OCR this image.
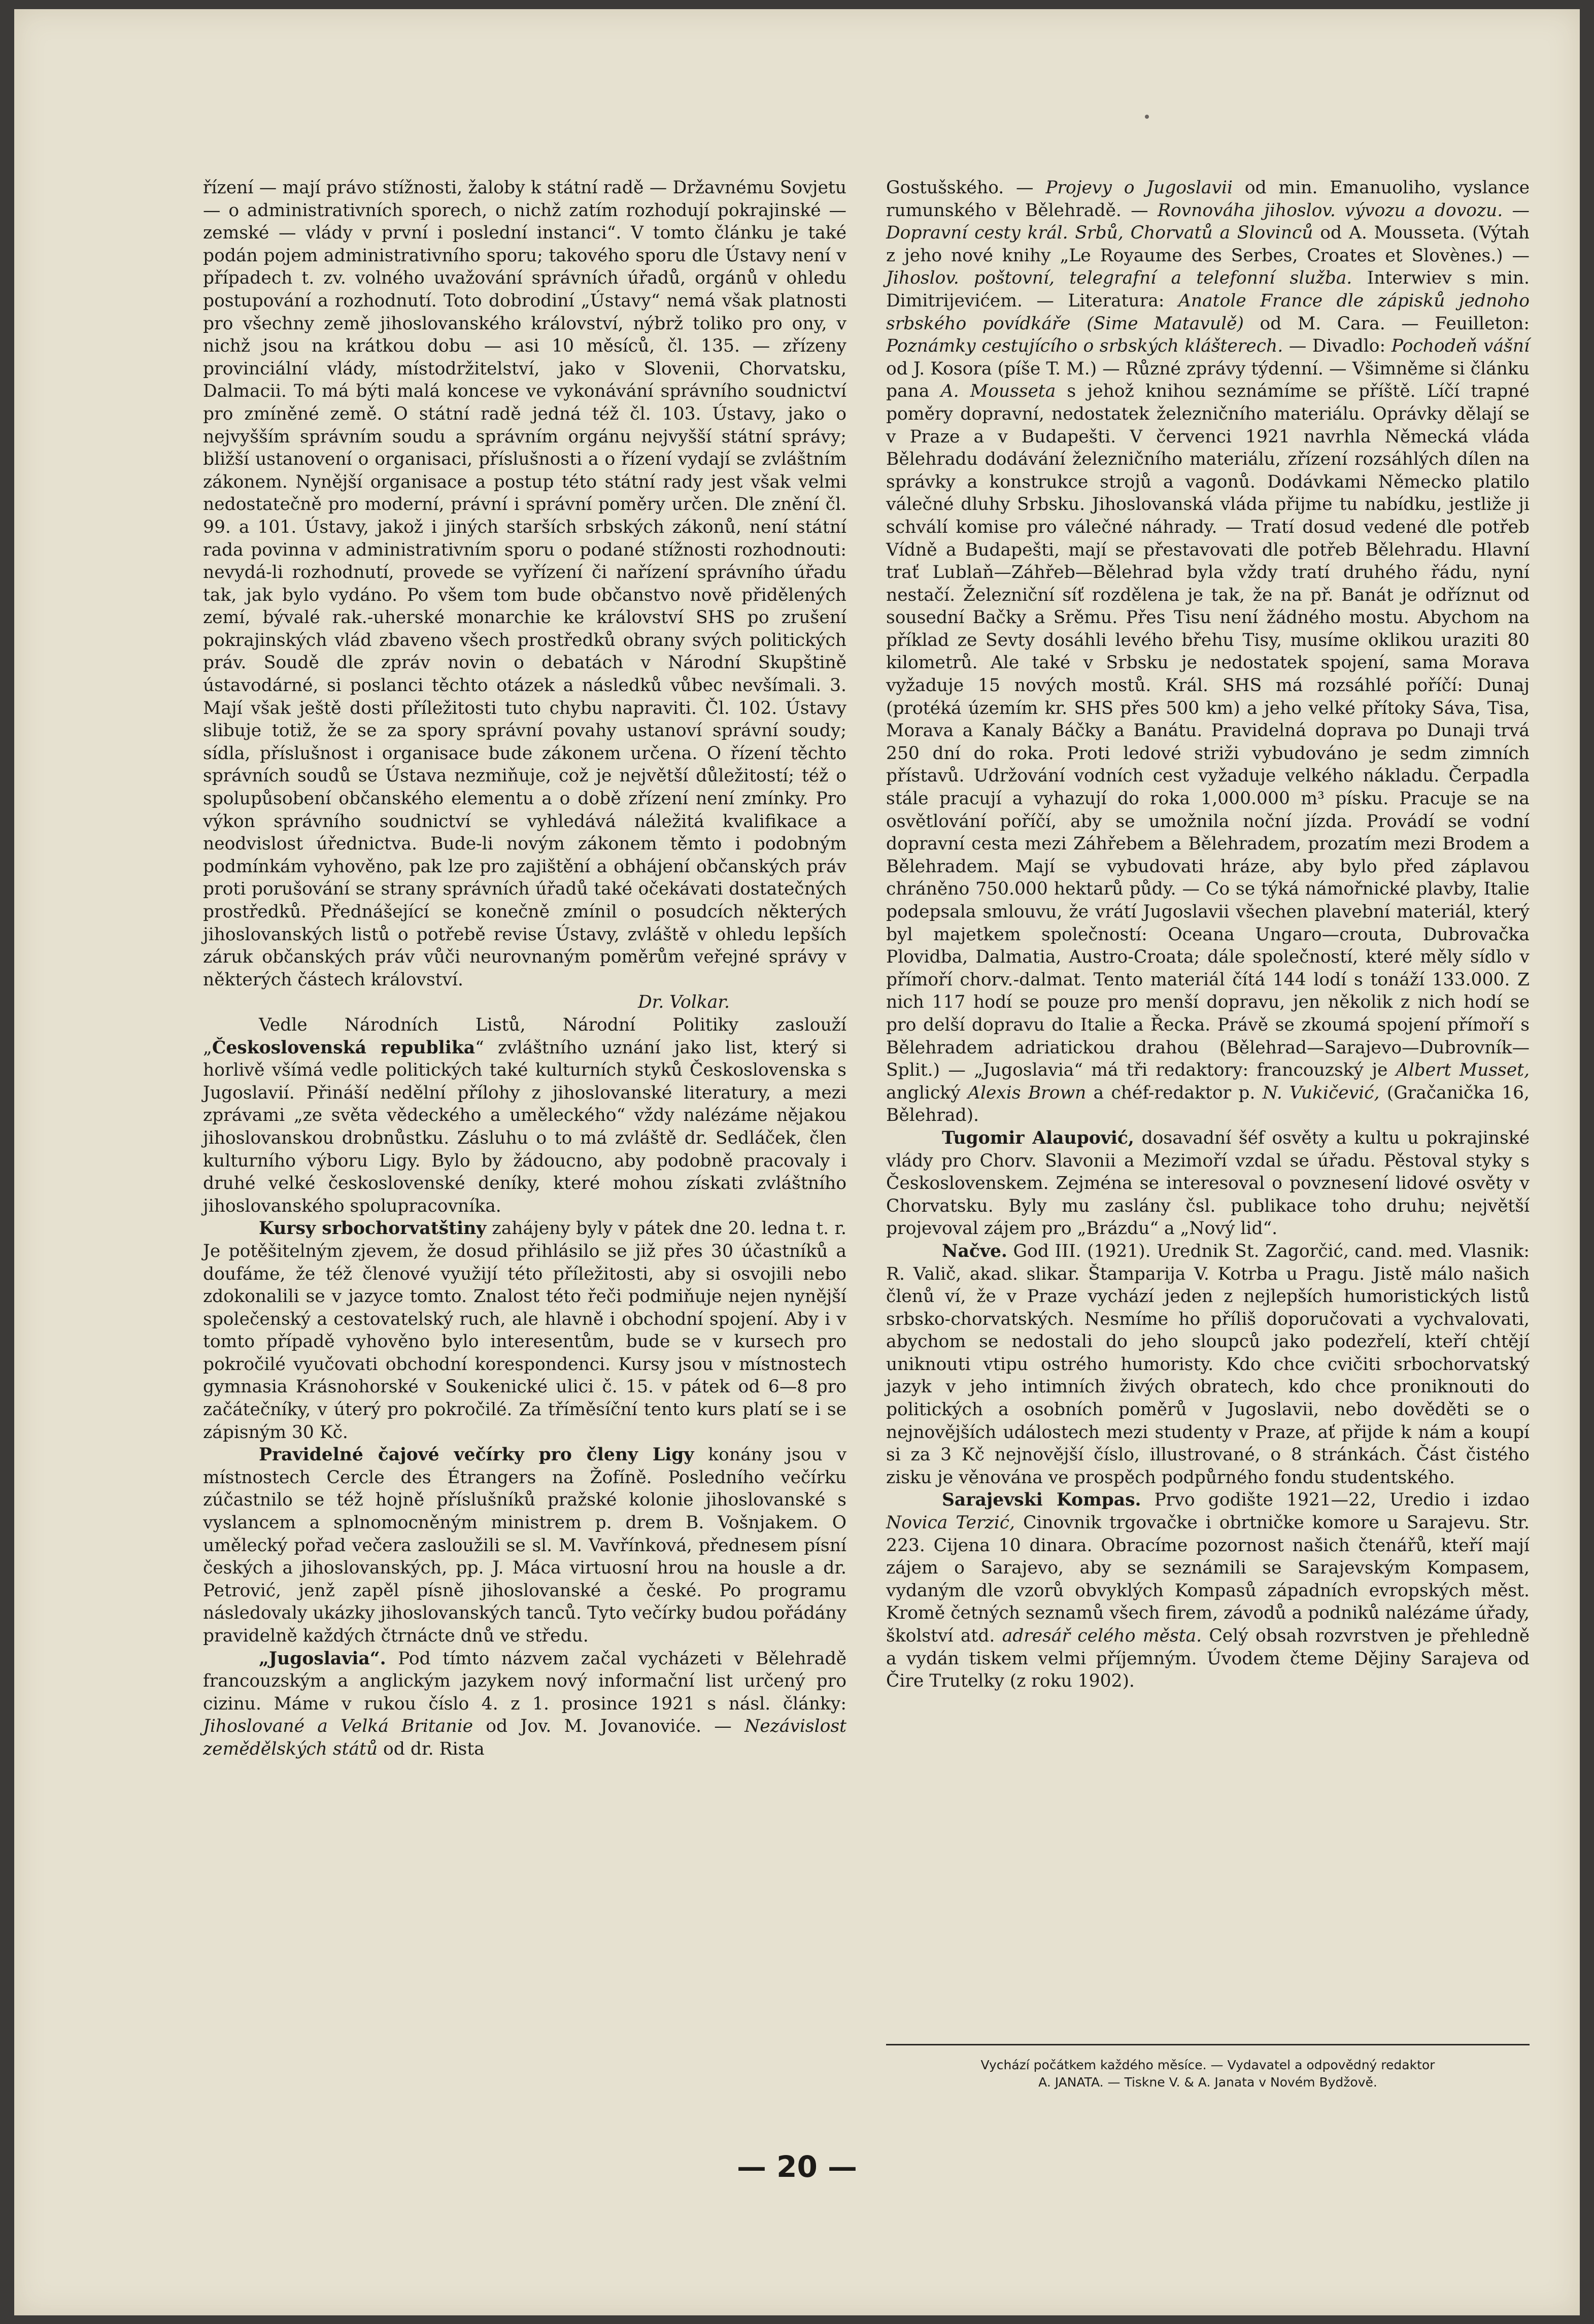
řízení — mají právo stížnosti, žaloby k státní radě — Državnému Sovjetu — o administrativních sporech, o nichž zatím rozhodují pokrajinské — zemské — vlády v první i poslední instanci“. V tomto článku je také podán pojem administrativního sporu; takového sporu dle Ústavy není v případech t. zv. volného uvažování správních úřadů, orgánů v ohledu postupování a rozhodnutí. Toto dobrodiní „Ústavy“ nemá však platnosti pro všechny země jihoslovanského království, nýbrž toliko pro ony, v nichž jsou na krátkou dobu — asi 10 měsíců, čl. 135. — zřízeny provinciální vlády, místodržitelství, jako v Slovenii, Chorvatsku, Dalmacii. To má býti malá koncese ve vykonávání správního soudnictví pro zmíněné země. O státní radě jedná též čl. 103. Ústavy, jako o nejvyšším správním soudu a správním orgánu nejvyšší státní správy; bližší ustanovení o organisaci, příslušnosti a o řízení vydají se zvláštním zákonem. Nynější organisace a postup této státní rady jest však velmi nedostatečně pro moderní, právní i správní poměry určen. Dle znění čl. 99. a 101. Ústavy, jakož i jiných starších srbských zákonů, není státní rada povinna v administrativním sporu o podané stížnosti rozhodnouti: nevydá-li rozhodnutí, provede se vyřízení či nařízení správního úřadu tak, jak bylo vydáno. Po všem tom bude občanstvo nově přidělených zemí, bývalé rak.-uherské monarchie ke království SHS po zrušení pokrajinských vlád zbaveno všech prostředků obrany svých politických práv. Soudě dle zpráv novin o debatách v Národní Skupštině ústavodárné, si poslanci těchto otázek a následků vůbec nevšímali. 3. Mají však ještě dosti příležitosti tuto chybu napraviti. Čl. 102. Ústavy slibuje totiž, že se za spory správní povahy ustanoví správní soudy; sídla, příslušnost i organisace bude zákonem určena. O řízení těchto správních soudů se Ústava nezmiňuje, což je největší důležitostí; též o spolupůsobení občanského elementu a o době zřízení není zmínky. Pro výkon správního soudnictví se vyhledává náležitá kvalifikace a neodvislost úřednictva. Bude-li novým zákonem těmto i podobným podmínkám vyhověno, pak lze pro zajištění a obhájení občanských práv proti porušování se strany správních úřadů také očekávati dostatečných prostředků. Přednášející se konečně zmínil o posudcích některých jihoslovanských listů o potřebě revise Ústavy, zvláště v ohledu lepších záruk občanských práv vůči neurovnaným poměrům veřejné správy v některých částech království.

Dr. Volkar.

Vedle Národních Listů, Národní Politiky zaslouží „Československá republika“ zvláštního uznání jako list, který si horlivě všímá vedle politických také kulturních styků Československa s Jugoslavií. Přináší nedělní přílohy z jihoslovanské literatury, a mezi zprávami „ze světa vědeckého a uměleckého“ vždy nalézáme nějakou jihoslovanskou drobnůstku. Zásluhu o to má zvláště dr. Sedláček, člen kulturního výboru Ligy. Bylo by žádoucno, aby podobně pracovaly i druhé velké československé deníky, které mohou získati zvláštního jihoslovanského spolupracovníka.

Kursy srbochorvatštiny zahájeny byly v pátek dne 20. ledna t. r. Je potěšitelným zjevem, že dosud přihlásilo se již přes 30 účastníků a doufáme, že též členové využijí této příležitosti, aby si osvojili nebo zdokonalili se v jazyce tomto. Znalost této řeči podmiňuje nejen nynější společenský a cestovatelský ruch, ale hlavně i obchodní spojení. Aby i v tomto případě vyhověno bylo interesentům, bude se v kursech pro pokročilé vyučovati obchodní korespondenci. Kursy jsou v místnostech gymnasia Krásnohorské v Soukenické ulici č. 15. v pátek od 6—8 pro začátečníky, v úterý pro pokročilé. Za tříměsíční tento kurs platí se i se zápisným 30 Kč.

Pravidelné čajové večírky pro členy Ligy konány jsou v místnostech Cercle des Étrangers na Žofíně. Posledního večírku zúčastnilo se též hojně příslušníků pražské kolonie jihoslovanské s vyslancem a splnomocněným ministrem p. drem B. Vošnjakem. O umělecký pořad večera zasloužili se sl. M. Vavřínková, přednesem písní českých a jihoslovanských, pp. J. Máca virtuosní hrou na housle a dr. Petrović, jenž zapěl písně jihoslovanské a české. Po programu následovaly ukázky jihoslovanských tanců. Tyto večírky budou pořádány pravidelně každých čtrnácte dnů ve středu.

„Jugoslavia“. Pod tímto názvem začal vycházeti v Bělehradě francouzským a anglickým jazykem nový informační list určený pro cizinu. Máme v rukou číslo 4. z 1. prosince 1921 s násl. články: Jihoslované a Velká Britanie od Jov. M. Jovanoviće. — Nezávislost zemědělských států od dr. Rista

Gostušského. — Projevy o Jugoslavii od min. Emanuoliho, vyslance rumunského v Bělehradě. — Rovnováha jihoslov. vývozu a dovozu. — Dopravní cesty král. Srbů, Chorvatů a Slovinců od A. Mousseta. (Výtah z jeho nové knihy „Le Royaume des Serbes, Croates et Slovènes.) — Jihoslov. poštovní, telegrafní a telefonní služba. Interwiev s min. Dimitrijevićem. — Literatura: Anatole France dle zápisků jednoho srbského povídkáře (Sime Matavulě) od M. Cara. — Feuilleton: Poznámky cestujícího o srbských klášterech. — Divadlo: Pochodeň vášní od J. Kosora (píše T. M.) — Různé zprávy týdenní. — Všimněme si článku pana A. Mousseta s jehož knihou seznámíme se příště. Líčí trapné poměry dopravní, nedostatek železničního materiálu. Oprávky dělají se v Praze a v Budapešti. V červenci 1921 navrhla Německá vláda Bělehradu dodávání železničního materiálu, zřízení rozsáhlých dílen na správky a konstrukce strojů a vagonů. Dodávkami Německo platilo válečné dluhy Srbsku. Jihoslovanská vláda přijme tu nabídku, jestliže ji schválí komise pro válečné náhrady. — Tratí dosud vedené dle potřeb Vídně a Budapešti, mají se přestavovati dle potřeb Bělehradu. Hlavní trať Lublaň—Záhřeb—Bělehrad byla vždy tratí druhého řádu, nyní nestačí. Železniční síť rozdělena je tak, že na př. Banát je odříznut od sousední Bačky a Srěmu. Přes Tisu není žádného mostu. Abychom na příklad ze Sevty dosáhli levého břehu Tisy, musíme oklikou uraziti 80 kilometrů. Ale také v Srbsku je nedostatek spojení, sama Morava vyžaduje 15 nových mostů. Král. SHS má rozsáhlé poříčí: Dunaj (protéká územím kr. SHS přes 500 km) a jeho velké přítoky Sáva, Tisa, Morava a Kanaly Báčky a Banátu. Pravidelná doprava po Dunaji trvá 250 dní do roka. Proti ledové striži vybudováno je sedm zimních přístavů. Udržování vodních cest vyžaduje velkého nákladu. Čerpadla stále pracují a vyhazují do roka 1,000.000 m³ písku. Pracuje se na osvětlování poříčí, aby se umožnila noční jízda. Provádí se vodní dopravní cesta mezi Záhřebem a Bělehradem, prozatím mezi Brodem a Bělehradem. Mají se vybudovati hráze, aby bylo před záplavou chráněno 750.000 hektarů půdy. — Co se týká námořnické plavby, Italie podepsala smlouvu, že vrátí Jugoslavii všechen plavební materiál, který byl majetkem společností: Oceana Ungaro—crouta, Dubrovačka Plovidba, Dalmatia, Austro-Croata; dále společností, které měly sídlo v přímoří chorv.-dalmat. Tento materiál čítá 144 lodí s tonáží 133.000. Z nich 117 hodí se pouze pro menší dopravu, jen několik z nich hodí se pro delší dopravu do Italie a Řecka. Právě se zkoumá spojení přímoří s Bělehradem adriatickou drahou (Bělehrad—Sarajevo—Dubrovník—Split.) — „Jugoslavia“ má tři redaktory: francouzský je Albert Musset, anglický Alexis Brown a chéf-redaktor p. N. Vukičević, (Gračanička 16, Bělehrad).

Tugomir Alaupović, dosavadní šéf osvěty a kultu u pokrajinské vlády pro Chorv. Slavonii a Mezimoří vzdal se úřadu. Pěstoval styky s Československem. Zejména se interesoval o povznesení lidové osvěty v Chorvatsku. Byly mu zaslány čsl. publikace toho druhu; největší projevoval zájem pro „Brázdu“ a „Nový lid“.

Načve. God III. (1921). Urednik St. Zagorčić, cand. med. Vlasnik: R. Valič, akad. slikar. Štamparija V. Kotrba u Pragu. Jistě málo našich členů ví, že v Praze vychází jeden z nejlepších humoristických listů srbsko-chorvatských. Nesmíme ho příliš doporučovati a vychvalovati, abychom se nedostali do jeho sloupců jako podezřelí, kteří chtějí uniknouti vtipu ostrého humoristy. Kdo chce cvičiti srbochorvatský jazyk v jeho intimních živých obratech, kdo chce proniknouti do politických a osobních poměrů v Jugoslavii, nebo dověděti se o nejnovějších událostech mezi studenty v Praze, ať přijde k nám a koupí si za 3 Kč nejnovější číslo, illustrované, o 8 stránkách. Část čistého zisku je věnována ve prospěch podpůrného fondu studentského.

Sarajevski Kompas. Prvo godište 1921—22, Uredio i izdao Novica Terzić, Cinovnik trgovačke i obrtničke komore u Sarajevu. Str. 223. Cijena 10 dinara. Obracíme pozornost našich čtenářů, kteří mají zájem o Sarajevo, aby se seznámili se Sarajevským Kompasem, vydaným dle vzorů obvyklých Kompasů západních evropských měst. Kromě četných seznamů všech firem, závodů a podniků nalézáme úřady, školství atd. adresář celého města. Celý obsah rozvrstven je přehledně a vydán tiskem velmi příjemným. Úvodem čteme Dějiny Sarajeva od Čire Trutelky (z roku 1902).

Vychází počátkem každého měsíce. — Vydavatel a odpovědný redaktor
A. JANATA. — Tiskne V. & A. Janata v Novém Bydžově.
— 20 —
